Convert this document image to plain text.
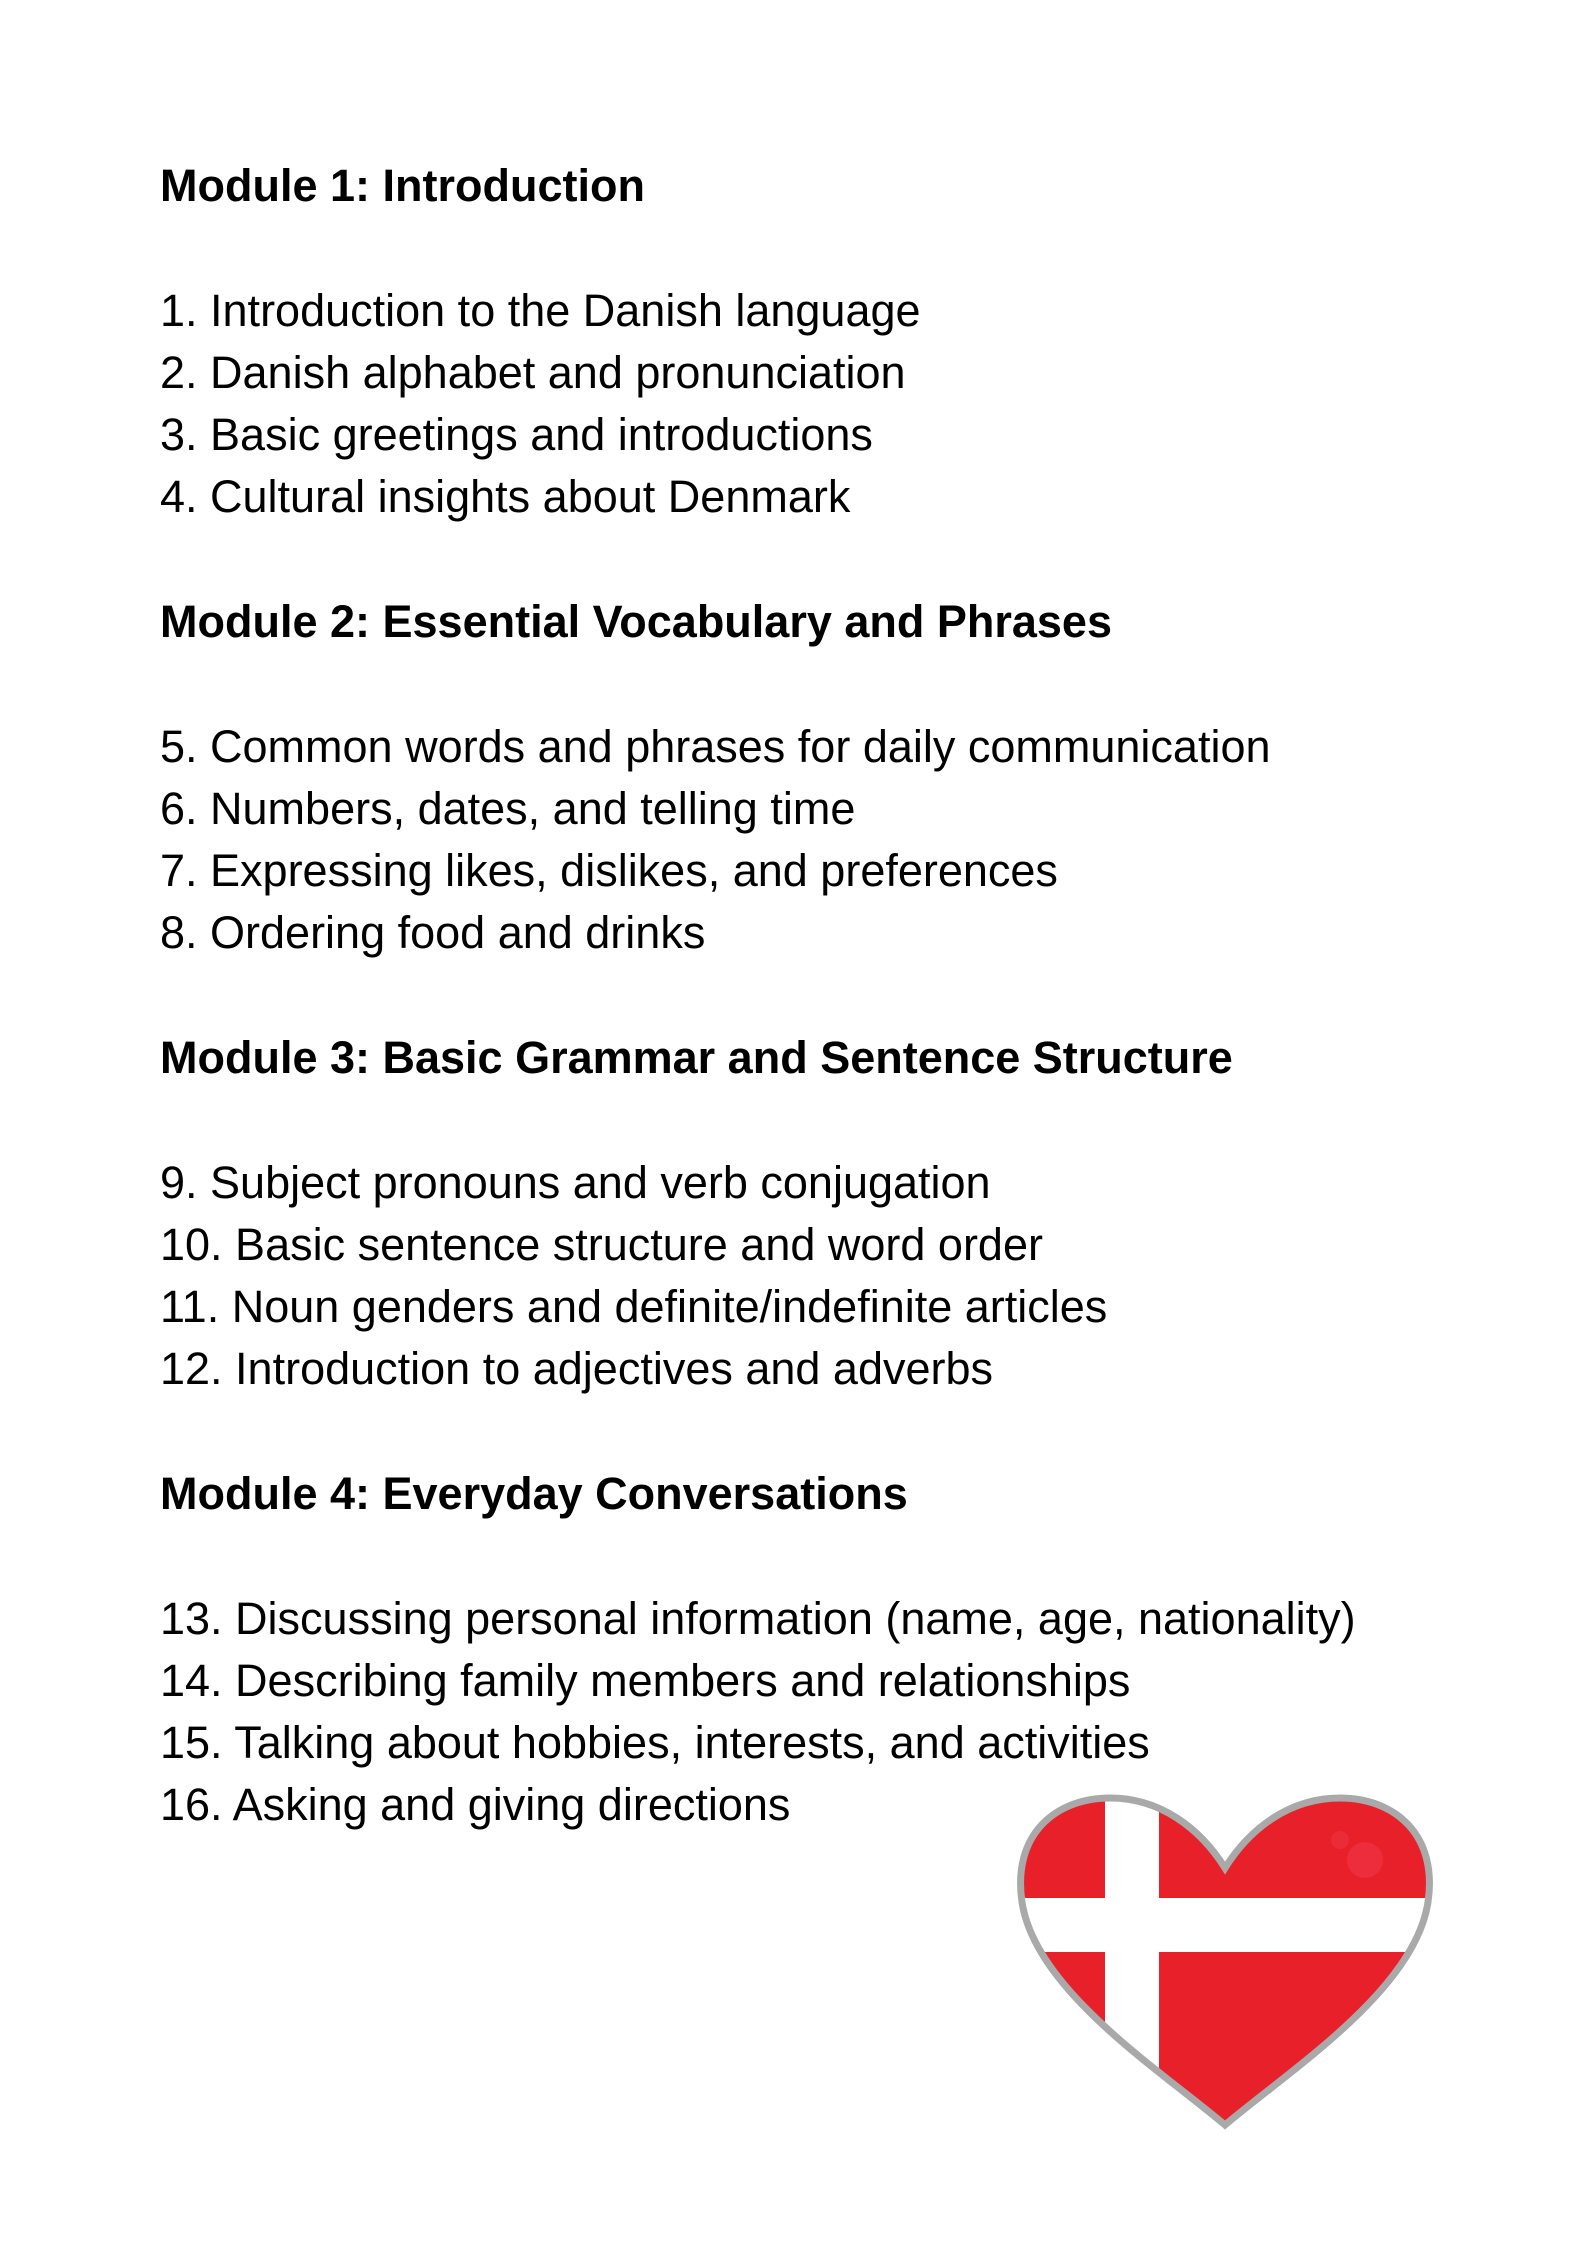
Module 1: Introduction
1. Introduction to the Danish language
2. Danish alphabet and pronunciation
3. Basic greetings and introductions
4. Cultural insights about Denmark
Module 2: Essential Vocabulary and Phrases
5. Common words and phrases for daily communication
6. Numbers, dates, and telling time
7. Expressing likes, dislikes, and preferences
8. Ordering food and drinks
Module 3: Basic Grammar and Sentence Structure
9. Subject pronouns and verb conjugation
10. Basic sentence structure and word order
11. Noun genders and definite/indefinite articles
12. Introduction to adjectives and adverbs
Module 4: Everyday Conversations
13. Discussing personal information (name, age, nationality)
14. Describing family members and relationships
15. Talking about hobbies, interests, and activities
16. Asking and giving directions
